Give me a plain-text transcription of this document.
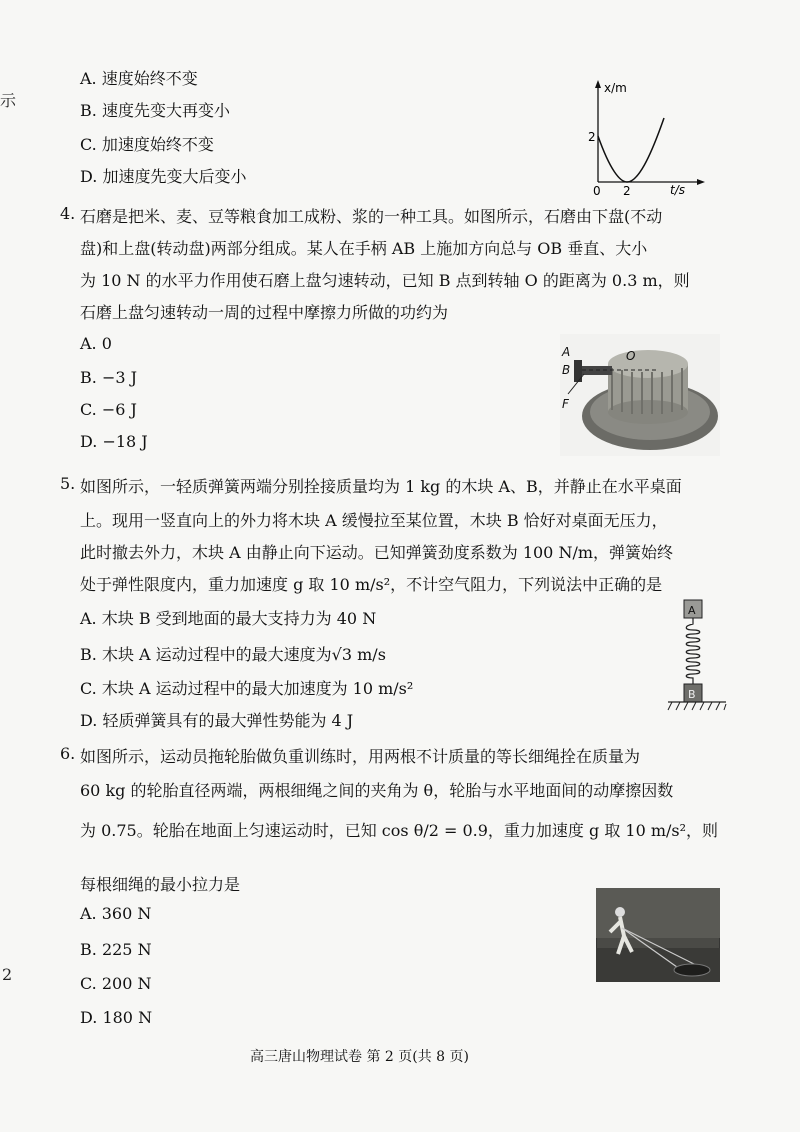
示
2
A. 速度始终不变
B. 速度先变大再变小
C. 加速度始终不变
D. 加速度先变大后变小
x/m
t/s
2
0 2
4. 石磨是把米、麦、豆等粮食加工成粉、浆的一种工具。如图所示，石磨由下盘(不动
盘)和上盘(转动盘)两部分组成。某人在手柄 AB 上施加方向总与 OB 垂直、大小
为 10 N 的水平力作用使石磨上盘匀速转动，已知 B 点到转轴 O 的距离为 0.3 m，则
石磨上盘匀速转动一周的过程中摩擦力所做的功约为
A. 0
B. −3 J
C. −6 J
D. −18 J
A
B
F
O
5. 如图所示，一轻质弹簧两端分别拴接质量均为 1 kg 的木块 A、B，并静止在水平桌面
上。现用一竖直向上的外力将木块 A 缓慢拉至某位置，木块 B 恰好对桌面无压力，
此时撤去外力，木块 A 由静止向下运动。已知弹簧劲度系数为 100 N/m，弹簧始终
处于弹性限度内，重力加速度 g 取 10 m/s²，不计空气阻力，下列说法中正确的是
A. 木块 B 受到地面的最大支持力为 40 N
B. 木块 A 运动过程中的最大速度为√3 m/s
C. 木块 A 运动过程中的最大加速度为 10 m/s²
D. 轻质弹簧具有的最大弹性势能为 4 J
A
B
6. 如图所示，运动员拖轮胎做负重训练时，用两根不计质量的等长细绳拴在质量为
60 kg 的轮胎直径两端，两根细绳之间的夹角为 θ，轮胎与水平地面间的动摩擦因数
为 0.75。轮胎在地面上匀速运动时，已知 cos θ/2 = 0.9，重力加速度 g 取 10 m/s²，则
每根细绳的最小拉力是
A. 360 N
B. 225 N
C. 200 N
D. 180 N
高三唐山物理试卷 第 2 页(共 8 页)
